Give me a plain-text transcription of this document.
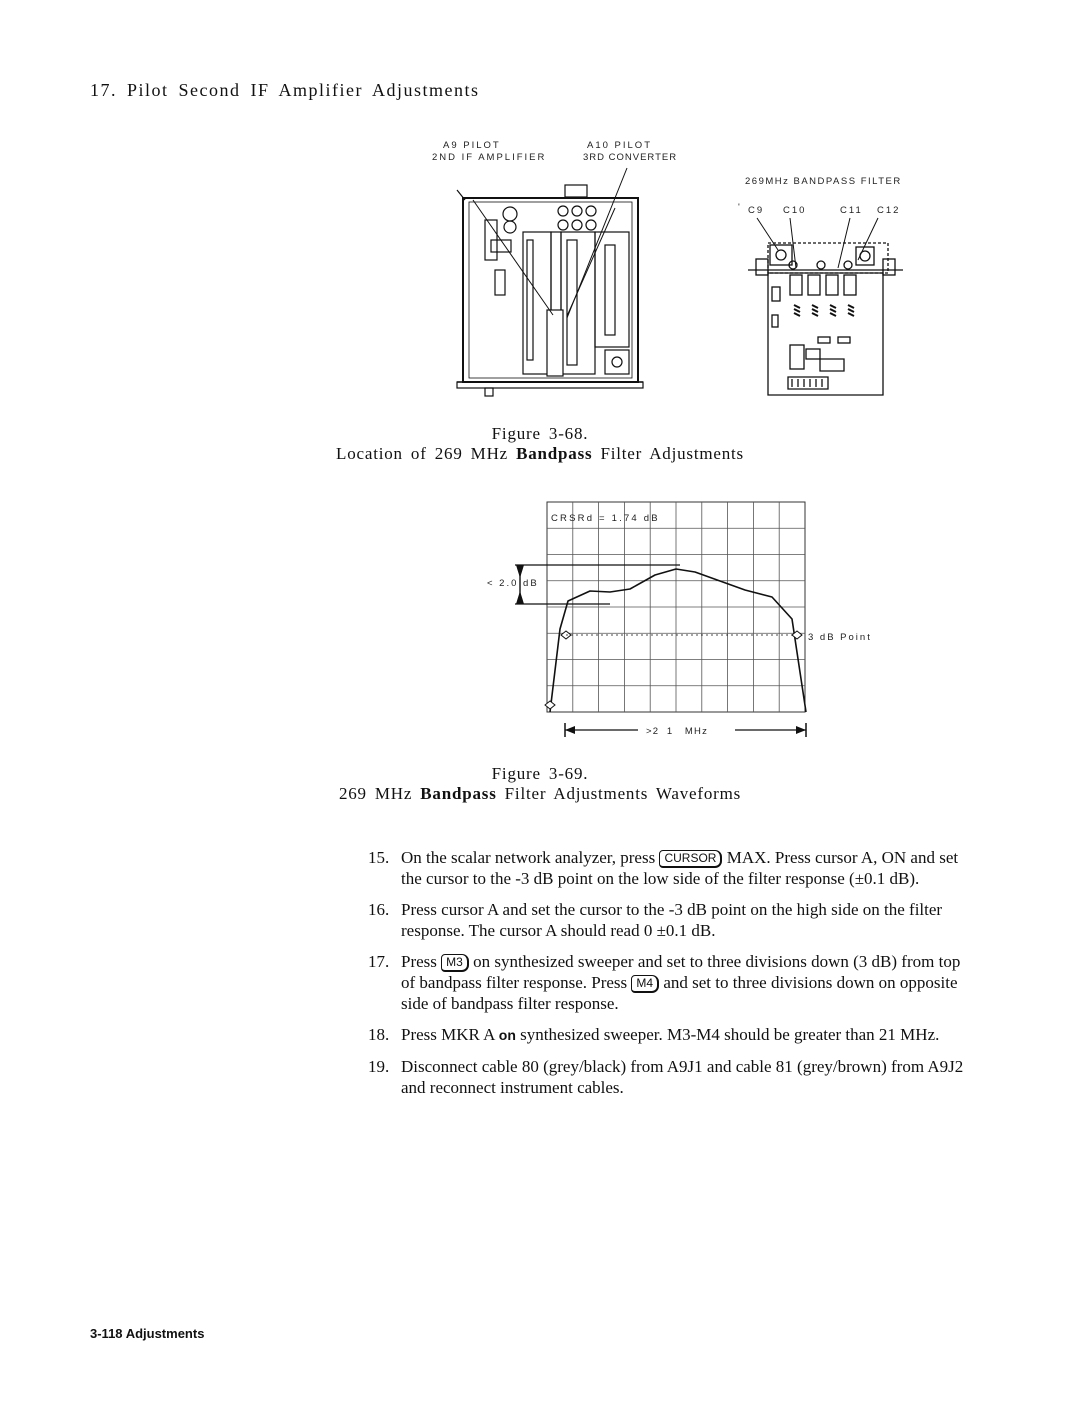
17. Pilot Second IF Amplifier Adjustments
A9 PILOT
2ND IF AMPLIFIER
A10 PILOT
3RD CONVERTER
269MHz BANDPASS FILTER
' C9 C10	C11 C12
Figure 3-68.
Location of 269 MHz Bandpass Filter Adjustments
CRSRd = 1.74 dB
< 2.0 dB
3 dB Point
>2  1   MHz
Figure 3-69.
269 MHz Bandpass Filter Adjustments Waveforms
15. On the scalar network analyzer, press CURSOR MAX. Press cursor A, ON and set the cursor to the -3 dB point on the low side of the filter response (±0.1 dB).
16. Press cursor A and set the cursor to the -3 dB point on the high side on the filter response. The cursor A should read 0 ±0.1 dB.
17. Press M3 on synthesized sweeper and set to three divisions down (3 dB) from top of bandpass filter response. Press M4 and set to three divisions down on opposite side of bandpass filter response.
18. Press MKR A on synthesized sweeper. M3-M4 should be greater than 21 MHz.
19. Disconnect cable 80 (grey/black) from A9J1 and cable 81 (grey/brown) from A9J2 and reconnect instrument cables.
3-118 Adjustments
